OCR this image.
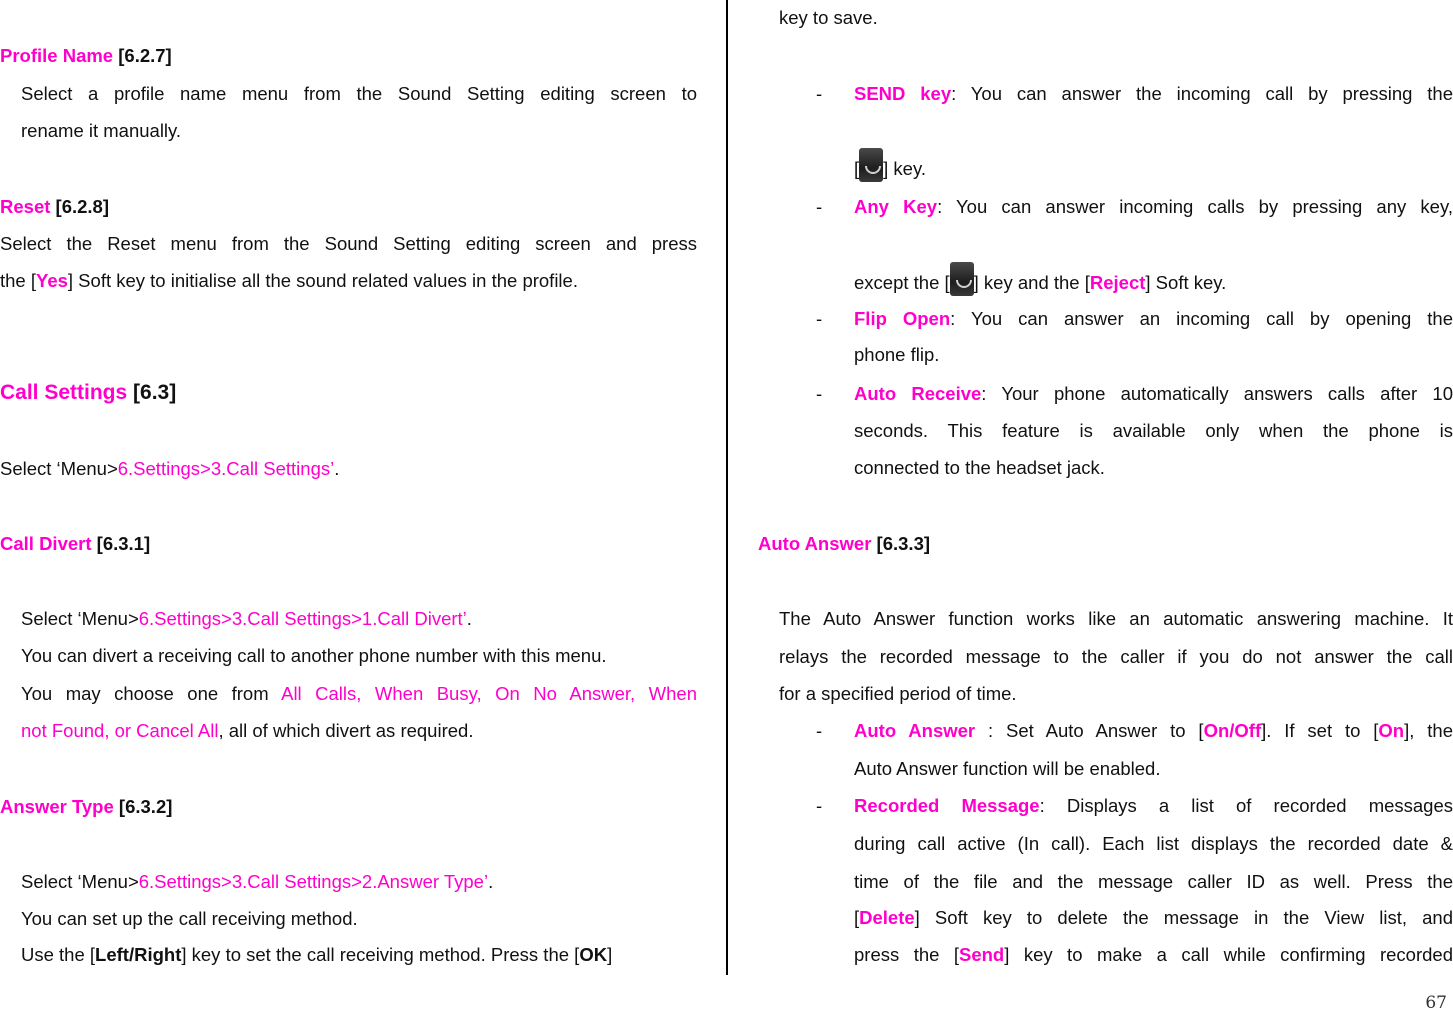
Profile Name [6.2.7]
Select a profile name menu from the Sound Setting editing screen to
rename it manually.
Reset [6.2.8]
Select the Reset menu from the Sound Setting editing screen and press
the [Yes] Soft key to initialise all the sound related values in the profile.
Call Settings [6.3]
Select ‘Menu>6.Settings>3.Call Settings’.
Call Divert [6.3.1]
Select ‘Menu>6.Settings>3.Call Settings>1.Call Divert’.
You can divert a receiving call to another phone number with this menu.
You may choose one from All Calls, When Busy, On No Answer, When
not Found, or Cancel All, all of which divert as required.
Answer Type [6.3.2]
Select ‘Menu>6.Settings>3.Call Settings>2.Answer Type’.
You can set up the call receiving method.
Use the [Left/Right] key to set the call receiving method. Press the [OK]
key to save.
- SEND key: You can answer the incoming call by pressing the
[ ] key.
- Any Key: You can answer incoming calls by pressing any key,
except the [ ] key and the [Reject] Soft key.
- Flip Open: You can answer an incoming call by opening the
phone flip.
- Auto Receive: Your phone automatically answers calls after 10
seconds. This feature is available only when the phone is
connected to the headset jack.
Auto Answer [6.3.3]
The Auto Answer function works like an automatic answering machine. It
relays the recorded message to the caller if you do not answer the call
for a specified period of time.
- Auto Answer : Set Auto Answer to [On/Off]. If set to [On], the
Auto Answer function will be enabled.
- Recorded Message: Displays a list of recorded messages
during call active (In call). Each list displays the recorded date &
time of the file and the message caller ID as well. Press the
[Delete] Soft key to delete the message in the View list, and
press the [Send] key to make a call while confirming recorded
67
